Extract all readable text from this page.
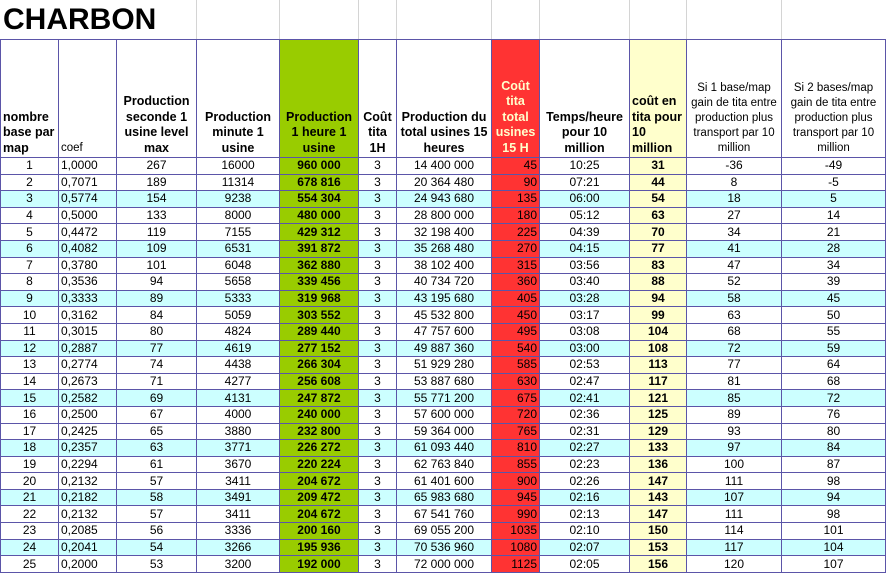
CHARBON
nombre base par map	coef	Production seconde 1 usine level max	Production minute 1 usine	Production 1 heure 1 usine	Coût tita 1H	Production du total usines 15 heures	Coût tita total usines 15 H	Temps/heure pour 10 million	coût en tita pour 10 million	Si 1 base/map gain de tita entre production plus transport par 10 million	Si 2 bases/map gain de tita entre production plus transport par 10 million
1	1,0000	267	16000	960 000	3	14 400 000	45	10:25	31	-36	-49
2	0,7071	189	11314	678 816	3	20 364 480	90	07:21	44	8	-5
3	0,5774	154	9238	554 304	3	24 943 680	135	06:00	54	18	5
4	0,5000	133	8000	480 000	3	28 800 000	180	05:12	63	27	14
5	0,4472	119	7155	429 312	3	32 198 400	225	04:39	70	34	21
6	0,4082	109	6531	391 872	3	35 268 480	270	04:15	77	41	28
7	0,3780	101	6048	362 880	3	38 102 400	315	03:56	83	47	34
8	0,3536	94	5658	339 456	3	40 734 720	360	03:40	88	52	39
9	0,3333	89	5333	319 968	3	43 195 680	405	03:28	94	58	45
10	0,3162	84	5059	303 552	3	45 532 800	450	03:17	99	63	50
11	0,3015	80	4824	289 440	3	47 757 600	495	03:08	104	68	55
12	0,2887	77	4619	277 152	3	49 887 360	540	03:00	108	72	59
13	0,2774	74	4438	266 304	3	51 929 280	585	02:53	113	77	64
14	0,2673	71	4277	256 608	3	53 887 680	630	02:47	117	81	68
15	0,2582	69	4131	247 872	3	55 771 200	675	02:41	121	85	72
16	0,2500	67	4000	240 000	3	57 600 000	720	02:36	125	89	76
17	0,2425	65	3880	232 800	3	59 364 000	765	02:31	129	93	80
18	0,2357	63	3771	226 272	3	61 093 440	810	02:27	133	97	84
19	0,2294	61	3670	220 224	3	62 763 840	855	02:23	136	100	87
20	0,2132	57	3411	204 672	3	61 401 600	900	02:26	147	111	98
21	0,2182	58	3491	209 472	3	65 983 680	945	02:16	143	107	94
22	0,2132	57	3411	204 672	3	67 541 760	990	02:13	147	111	98
23	0,2085	56	3336	200 160	3	69 055 200	1035	02:10	150	114	101
24	0,2041	54	3266	195 936	3	70 536 960	1080	02:07	153	117	104
25	0,2000	53	3200	192 000	3	72 000 000	1125	02:05	156	120	107
